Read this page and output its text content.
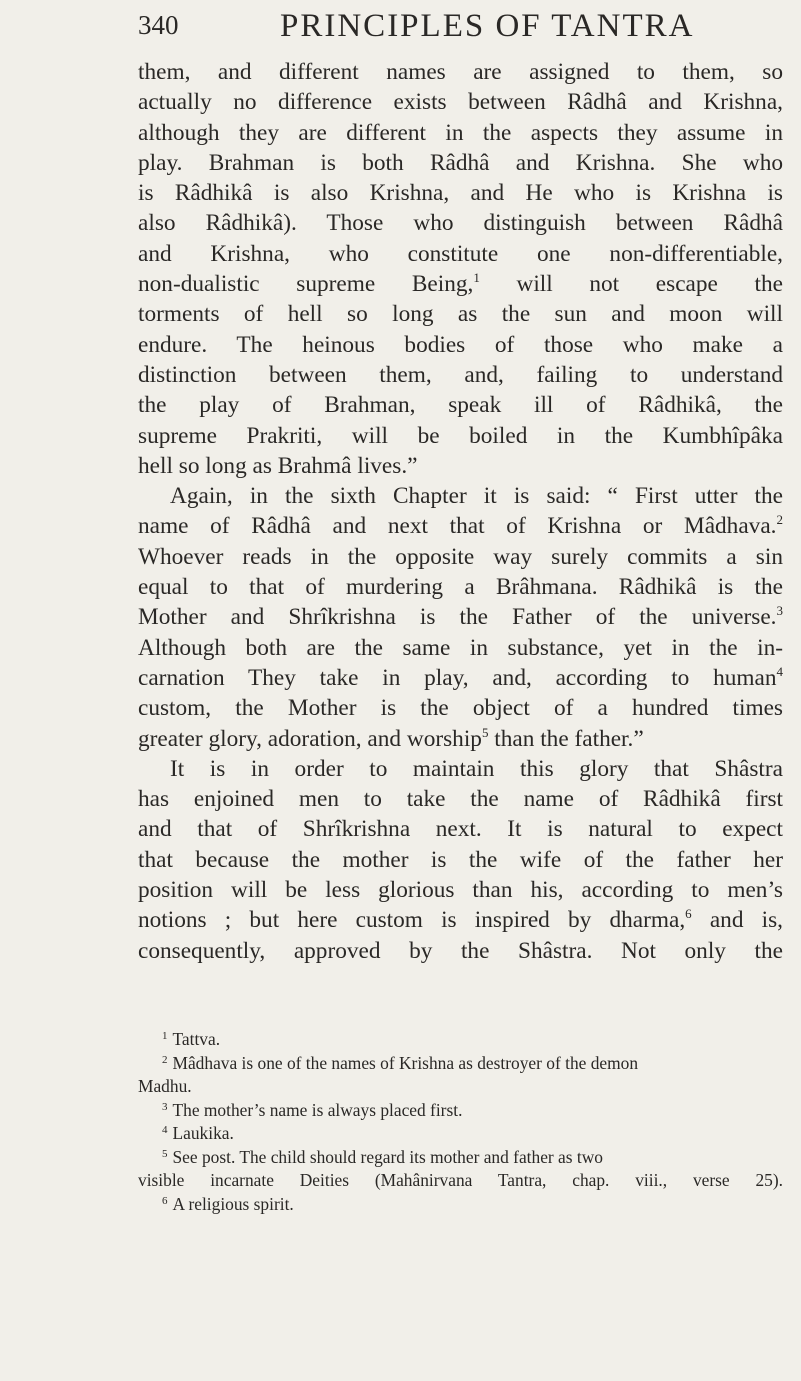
340	PRINCIPLES OF TANTRA
them, and different names are assigned to them, so
actually no difference exists between Râdhâ and Krishna,
although they are different in the aspects they assume in
play. Brahman is both Râdhâ and Krishna. She who
is Râdhikâ is also Krishna, and He who is Krishna is
also Râdhikâ). Those who distinguish between Râdhâ
and Krishna, who constitute one non-differentiable,
non-dualistic supreme Being,$^1$ will not escape the
torments of hell so long as the sun and moon will
endure. The heinous bodies of those who make a
distinction between them, and, failing to understand
the play of Brahman, speak ill of Râdhikâ, the
supreme Prakriti, will be boiled in the Kumbhîpâka
hell so long as Brahmâ lives.”
Again, in the sixth Chapter it is said: “ First utter the
name of Râdhâ and next that of Krishna or Mâdhava.$^2$
Whoever reads in the opposite way surely commits a sin
equal to that of murdering a Brâhmana. Râdhikâ is the
Mother and Shrîkrishna is the Father of the universe.$^3$
Although both are the same in substance, yet in the in-
carnation They take in play, and, according to human$^4$
custom, the Mother is the object of a hundred times
greater glory, adoration, and worship$^5$ than the father.”
It is in order to maintain this glory that Shâstra
has enjoined men to take the name of Râdhikâ first
and that of Shrîkrishna next. It is natural to expect
that because the mother is the wife of the father her
position will be less glorious than his, according to men’s
notions ; but here custom is inspired by dharma,$^6$ and is,
consequently, approved by the Shâstra. Not only the
$^1$ Tattva.
$^2$ Mâdhava is one of the names of Krishna as destroyer of the demon
Madhu.
$^3$ The mother’s name is always placed first.
$^4$ Laukika.
$^5$ See post. The child should regard its mother and father as two
visible incarnate Deities (Mahânirvana Tantra, chap. viii., verse 25).
$^6$ A religious spirit.
